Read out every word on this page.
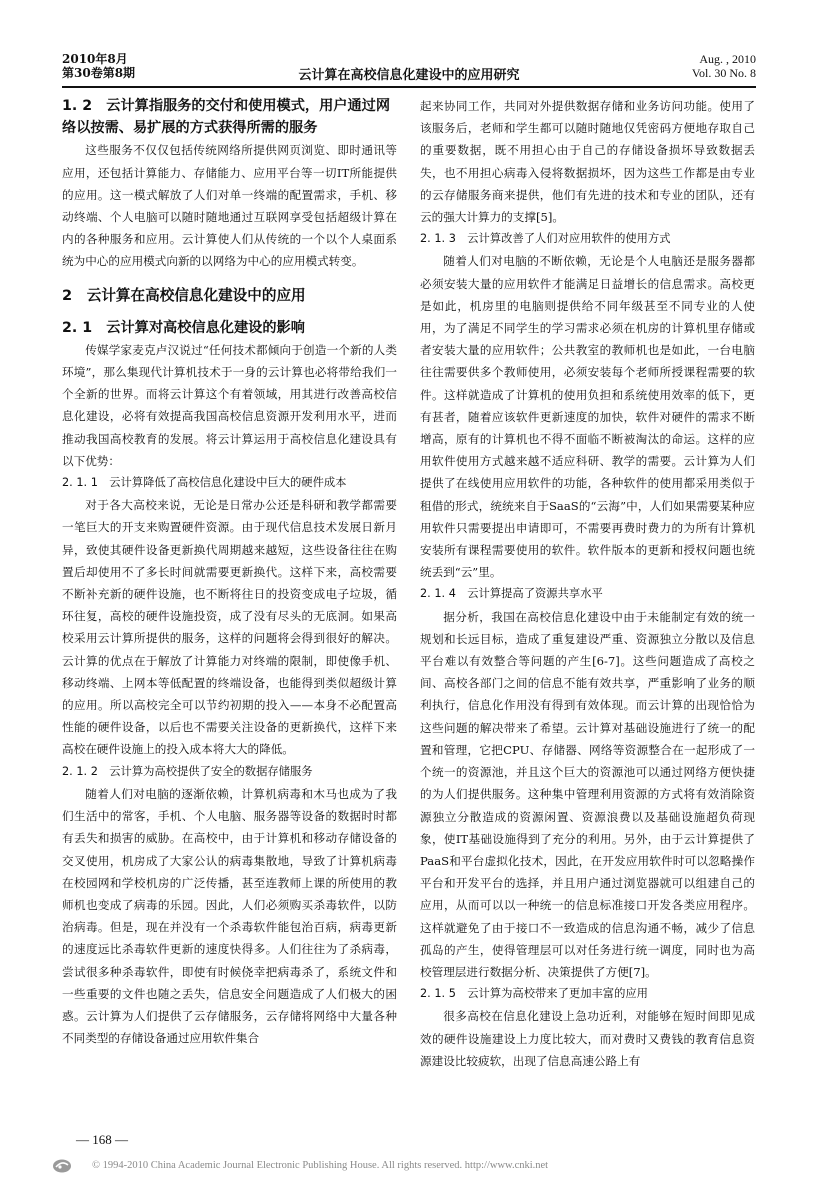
2010年8月
第30卷第8期	云计算在高校信息化建设中的应用研究
Aug. , 2010
Vol. 30 No. 8

1. 2　云计算指服务的交付和使用模式，用户通过网络以按需、易扩展的方式获得所需的服务

这些服务不仅仅包括传统网络所提供网页浏览、即时通讯等应用，还包括计算能力、存储能力、应用平台等一切IT所能提供的应用。这一模式解放了人们对单一终端的配置需求，手机、移动终端、个人电脑可以随时随地通过互联网享受包括超级计算在内的各种服务和应用。云计算使人们从传统的一个以个人桌面系统为中心的应用模式向新的以网络为中心的应用模式转变。

2　云计算在高校信息化建设中的应用

2. 1　云计算对高校信息化建设的影响

传媒学家麦克卢汉说过“任何技术都倾向于创造一个新的人类环境”，那么集现代计算机技术于一身的云计算也必将带给我们一个全新的世界。而将云计算这个有着领域，用其进行改善高校信息化建设，必将有效提高我国高校信息资源开发利用水平，进而推动我国高校教育的发展。将云计算运用于高校信息化建设具有以下优势：

2. 1. 1　云计算降低了高校信息化建设中巨大的硬件成本

对于各大高校来说，无论是日常办公还是科研和教学都需要一笔巨大的开支来购置硬件资源。由于现代信息技术发展日新月异，致使其硬件设备更新换代周期越来越短，这些设备往往在购置后却使用不了多长时间就需要更新换代。这样下来，高校需要不断补充新的硬件设施，也不断将往日的投资变成电子垃圾，循环往复，高校的硬件设施投资，成了没有尽头的无底洞。如果高校采用云计算所提供的服务，这样的问题将会得到很好的解决。云计算的优点在于解放了计算能力对终端的限制，即使像手机、移动终端、上网本等低配置的终端设备，也能得到类似超级计算的应用。所以高校完全可以节约初期的投入——本身不必配置高性能的硬件设备，以后也不需要关注设备的更新换代，这样下来高校在硬件设施上的投入成本将大大的降低。

2. 1. 2　云计算为高校提供了安全的数据存储服务

随着人们对电脑的逐渐依赖，计算机病毒和木马也成为了我们生活中的常客，手机、个人电脑、服务器等设备的数据时时都有丢失和损害的威胁。在高校中，由于计算机和移动存储设备的交叉使用，机房成了大家公认的病毒集散地，导致了计算机病毒在校园网和学校机房的广泛传播，甚至连教师上课的所使用的教师机也变成了病毒的乐园。因此，人们必须购买杀毒软件，以防治病毒。但是，现在并没有一个杀毒软件能包治百病，病毒更新的速度远比杀毒软件更新的速度快得多。人们往往为了杀病毒，尝试很多种杀毒软件，即使有时候侥幸把病毒杀了，系统文件和一些重要的文件也随之丢失，信息安全问题造成了人们极大的困惑。云计算为人们提供了云存储服务，云存储将网络中大量各种不同类型的存储设备通过应用软件集合

起来协同工作，共同对外提供数据存储和业务访问功能。使用了该服务后，老师和学生都可以随时随地仅凭密码方便地存取自己的重要数据，既不用担心由于自己的存储设备损坏导致数据丢失，也不用担心病毒入侵将数据损坏，因为这些工作都是由专业的云存储服务商来提供，他们有先进的技术和专业的团队，还有云的强大计算力的支撑[5]。

2. 1. 3　云计算改善了人们对应用软件的使用方式

随着人们对电脑的不断依赖，无论是个人电脑还是服务器都必须安装大量的应用软件才能满足日益增长的信息需求。高校更是如此，机房里的电脑则提供给不同年级甚至不同专业的人使用，为了满足不同学生的学习需求必须在机房的计算机里存储或者安装大量的应用软件；公共教室的教师机也是如此，一台电脑往往需要供多个教师使用，必须安装每个老师所授课程需要的软件。这样就造成了计算机的使用负担和系统使用效率的低下，更有甚者，随着应该软件更新速度的加快，软件对硬件的需求不断增高，原有的计算机也不得不面临不断被淘汰的命运。这样的应用软件使用方式越来越不适应科研、教学的需要。云计算为人们提供了在线使用应用软件的功能，各种软件的使用都采用类似于租借的形式，统统来自于SaaS的“云海”中，人们如果需要某种应用软件只需要提出申请即可，不需要再费时费力的为所有计算机安装所有课程需要使用的软件。软件版本的更新和授权问题也统统丢到“云”里。

2. 1. 4　云计算提高了资源共享水平

据分析，我国在高校信息化建设中由于未能制定有效的统一规划和长远目标，造成了重复建设严重、资源独立分散以及信息平台难以有效整合等问题的产生[6-7]。这些问题造成了高校之间、高校各部门之间的信息不能有效共享，严重影响了业务的顺利执行，信息化作用没有得到有效体现。而云计算的出现恰恰为这些问题的解决带来了希望。云计算对基础设施进行了统一的配置和管理，它把CPU、存储器、网络等资源整合在一起形成了一个统一的资源池，并且这个巨大的资源池可以通过网络方便快捷的为人们提供服务。这种集中管理利用资源的方式将有效消除资源独立分散造成的资源闲置、资源浪费以及基础设施超负荷现象，使IT基础设施得到了充分的利用。另外，由于云计算提供了PaaS和平台虚拟化技术，因此，在开发应用软件时可以忽略操作平台和开发平台的选择，并且用户通过浏览器就可以组建自己的应用，从而可以以一种统一的信息标准接口开发各类应用程序。这样就避免了由于接口不一致造成的信息沟通不畅，减少了信息孤岛的产生，使得管理层可以对任务进行统一调度，同时也为高校管理层进行数据分析、决策提供了方便[7]。

2. 1. 5　云计算为高校带来了更加丰富的应用

很多高校在信息化建设上急功近利，对能够在短时间即见成效的硬件设施建设上力度比较大，而对费时又费钱的教育信息资源建设比较疲软，出现了信息高速公路上有

— 168 —
© 1994-2010 China Academic Journal Electronic Publishing House. All rights reserved. http://www.cnki.net
